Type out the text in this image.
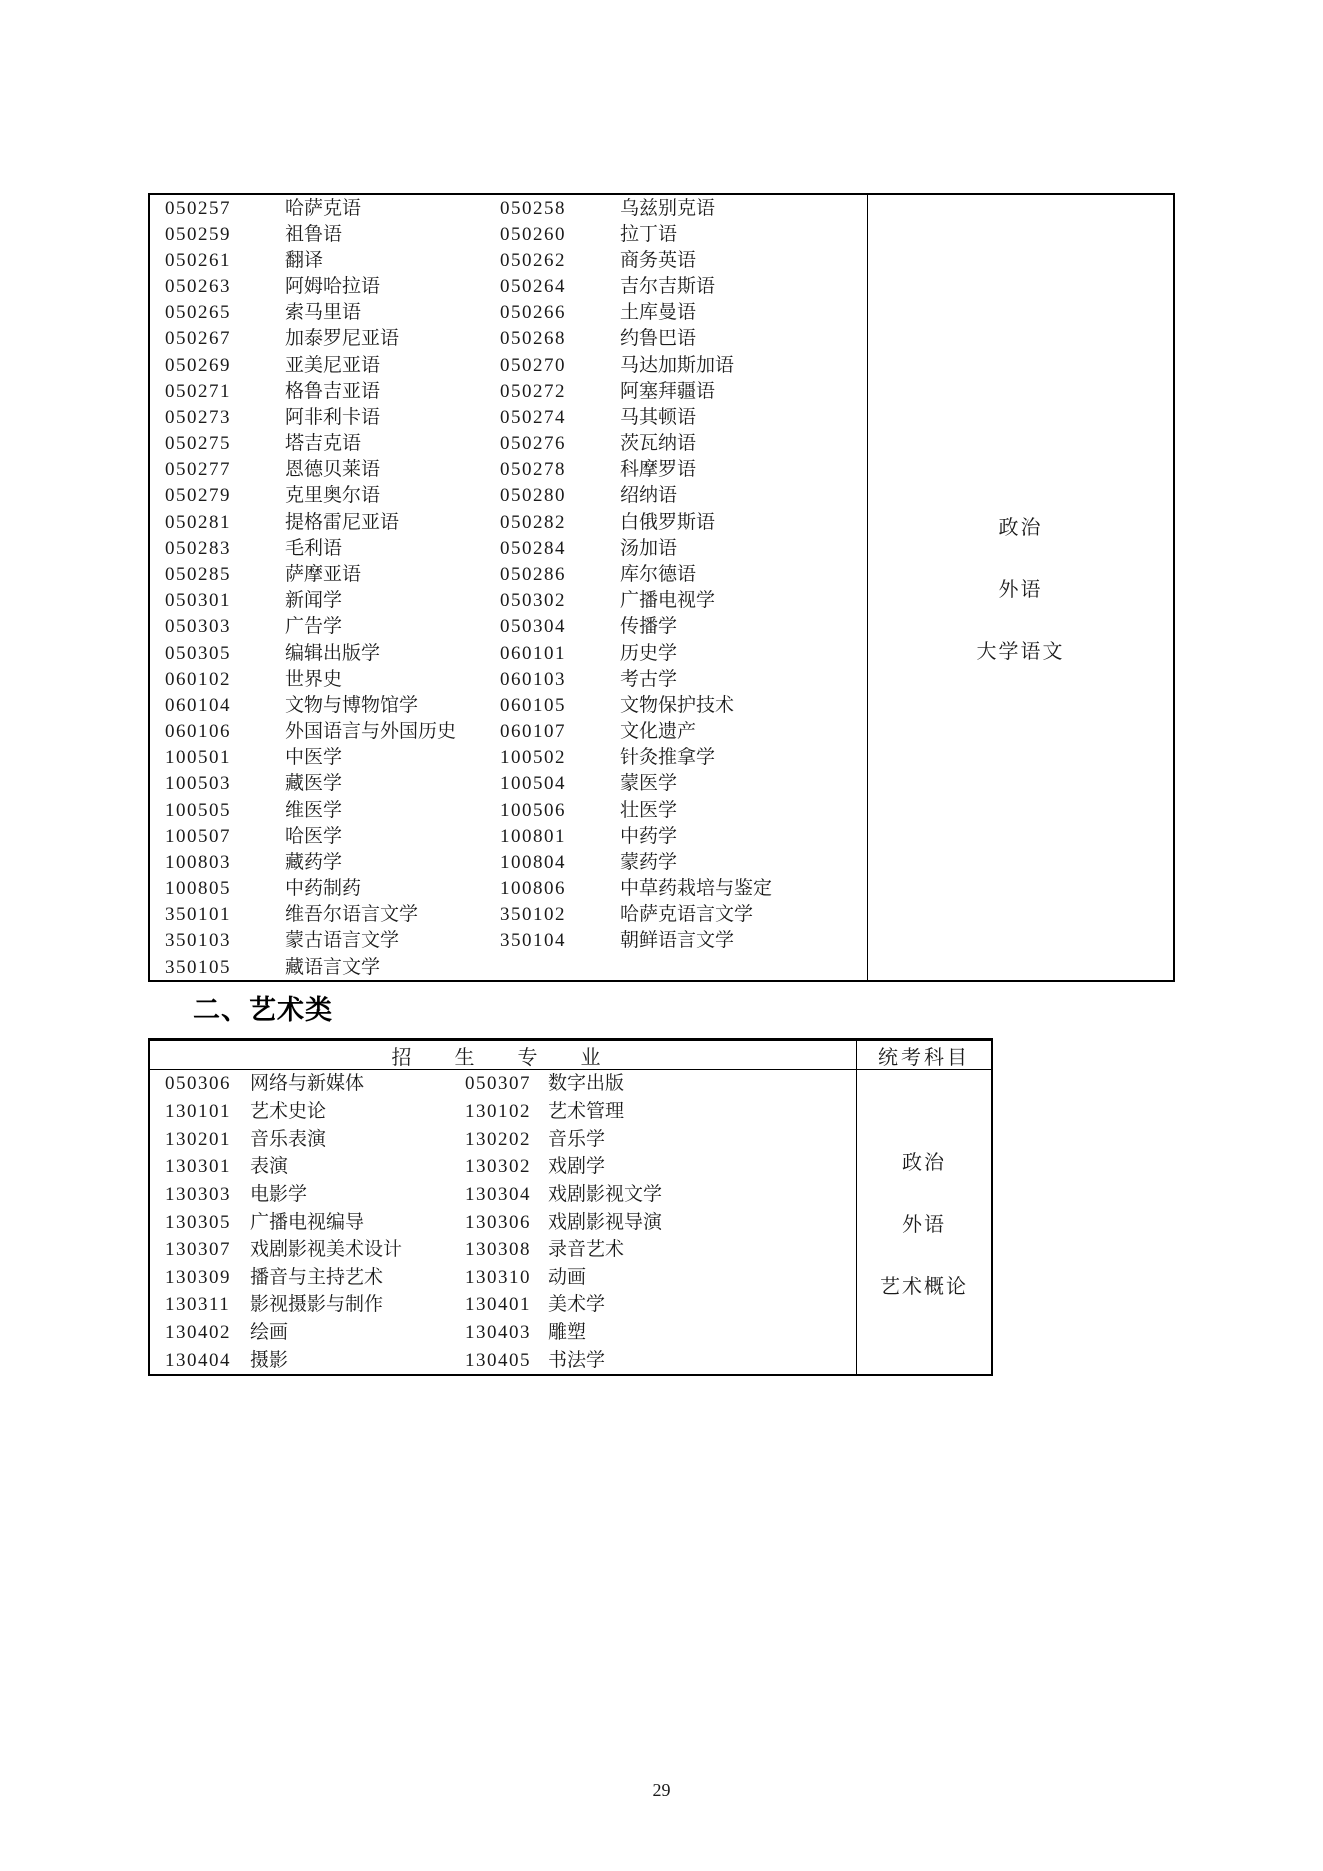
050257	哈萨克语	050258	乌兹别克语
050259	祖鲁语	050260	拉丁语
050261	翻译	050262	商务英语
050263	阿姆哈拉语	050264	吉尔吉斯语
050265	索马里语	050266	土库曼语
050267	加泰罗尼亚语	050268	约鲁巴语
050269	亚美尼亚语	050270	马达加斯加语
050271	格鲁吉亚语	050272	阿塞拜疆语
050273	阿非利卡语	050274	马其顿语
050275	塔吉克语	050276	茨瓦纳语
050277	恩德贝莱语	050278	科摩罗语
050279	克里奥尔语	050280	绍纳语
050281	提格雷尼亚语	050282	白俄罗斯语
050283	毛利语	050284	汤加语
050285	萨摩亚语	050286	库尔德语
050301	新闻学	050302	广播电视学
050303	广告学	050304	传播学
050305	编辑出版学	060101	历史学
060102	世界史	060103	考古学
060104	文物与博物馆学	060105	文物保护技术
060106	外国语言与外国历史	060107	文化遗产
100501	中医学	100502	针灸推拿学
100503	藏医学	100504	蒙医学
100505	维医学	100506	壮医学
100507	哈医学	100801	中药学
100803	藏药学	100804	蒙药学
100805	中药制药	100806	中草药栽培与鉴定
350101	维吾尔语言文学	350102	哈萨克语言文学
350103	蒙古语言文学	350104	朝鲜语言文学
350105	藏语言文学
政治
外语
大学语文
二、艺术类
招 生 专 业	统考科目
050306	网络与新媒体	050307 数字出版
130101	艺术史论	130102 艺术管理
130201	音乐表演	130202 音乐学
130301	表演	130302 戏剧学
130303	电影学	130304 戏剧影视文学
130305	广播电视编导	130306 戏剧影视导演
130307	戏剧影视美术设计	130308 录音艺术
130309	播音与主持艺术	130310 动画
130311	影视摄影与制作	130401 美术学
130402	绘画	130403 雕塑
130404	摄影	130405 书法学
政治
外语
艺术概论
29
